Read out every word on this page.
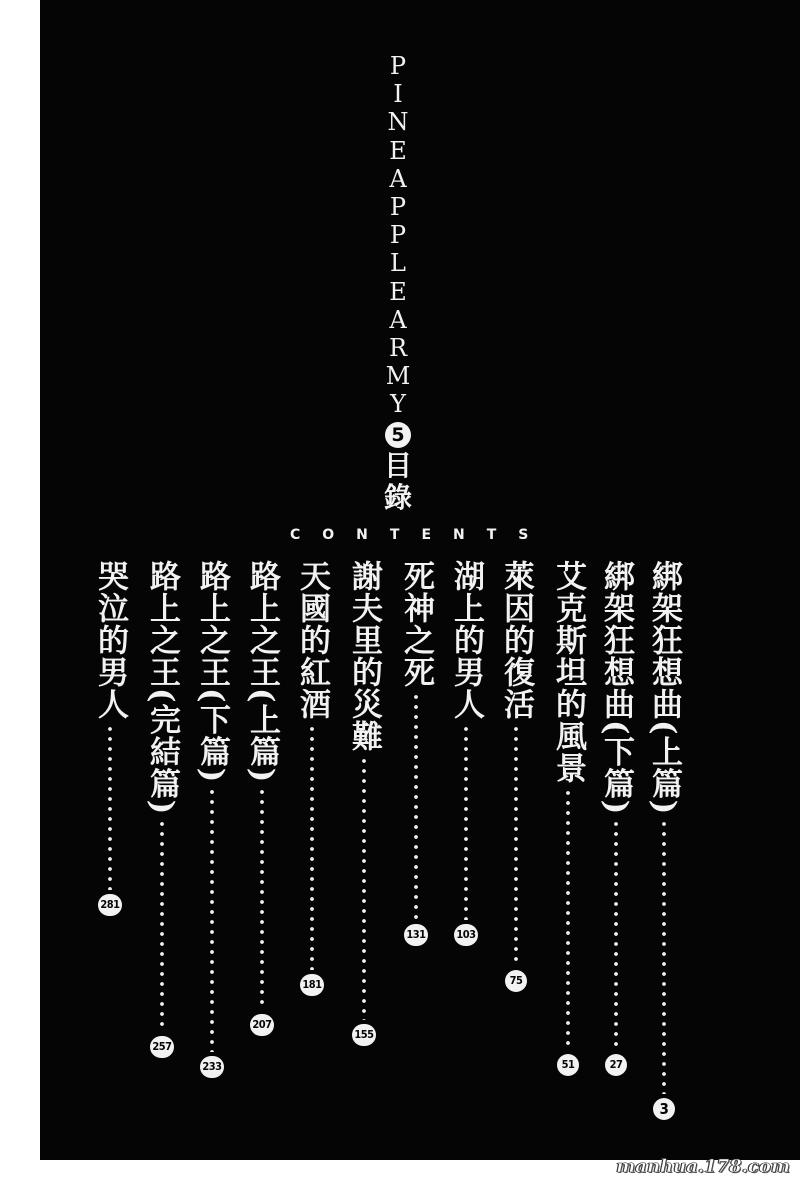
P
I
N
E
A
P
P
L
E
A
R
M
Y
5
目
錄
CONTENTS
綁架狂想曲(上篇)
3
綁架狂想曲(下篇)
27
艾克斯坦的風景
51
萊因的復活
75
湖上的男人
103
死神之死
131
謝夫里的災難
155
天國的紅酒
181
路上之王(上篇)
207
路上之王(下篇)
233
路上之王(完結篇)
257
哭泣的男人
281
manhua.178.com
